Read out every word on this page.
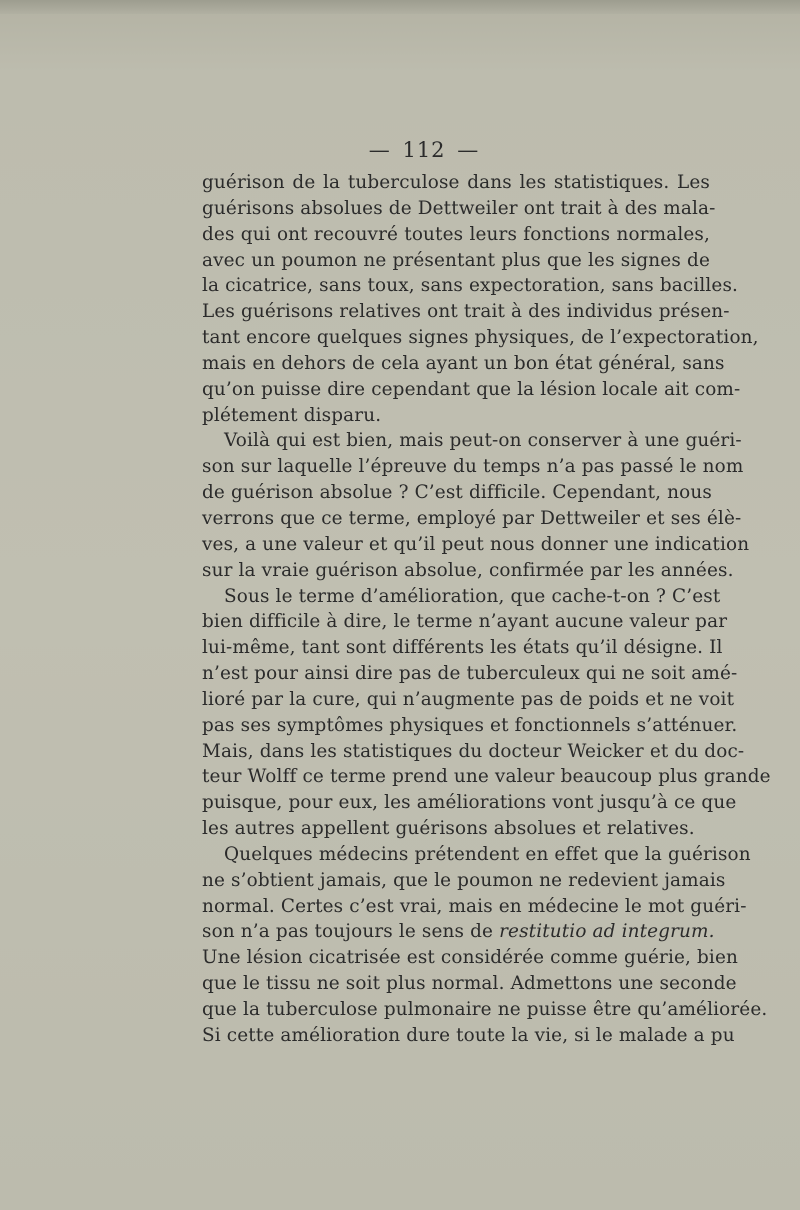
— 112 —
guérison de la tuberculose dans les statistiques. Les
guérisons absolues de Dettweiler ont trait à des mala-
des qui ont recouvré toutes leurs fonctions normales,
avec un poumon ne présentant plus que les signes de
la cicatrice, sans toux, sans expectoration, sans bacilles.
Les guérisons relatives ont trait à des individus présen-
tant encore quelques signes physiques, de l’expectoration,
mais en dehors de cela ayant un bon état général, sans
qu’on puisse dire cependant que la lésion locale ait com-
plétement disparu.
Voilà qui est bien, mais peut-on conserver à une guéri-
son sur laquelle l’épreuve du temps n’a pas passé le nom
de guérison absolue ? C’est difficile. Cependant, nous
verrons que ce terme, employé par Dettweiler et ses élè-
ves, a une valeur et qu’il peut nous donner une indication
sur la vraie guérison absolue, confirmée par les années.
Sous le terme d’amélioration, que cache-t-on ? C’est
bien difficile à dire, le terme n’ayant aucune valeur par
lui-même, tant sont différents les états qu’il désigne. Il
n’est pour ainsi dire pas de tuberculeux qui ne soit amé-
lioré par la cure, qui n’augmente pas de poids et ne voit
pas ses symptômes physiques et fonctionnels s’atténuer.
Mais, dans les statistiques du docteur Weicker et du doc-
teur Wolff ce terme prend une valeur beaucoup plus grande
puisque, pour eux, les améliorations vont jusqu’à ce que
les autres appellent guérisons absolues et relatives.
Quelques médecins prétendent en effet que la guérison
ne s’obtient jamais, que le poumon ne redevient jamais
normal. Certes c’est vrai, mais en médecine le mot guéri-
son n’a pas toujours le sens de restitutio ad integrum.
Une lésion cicatrisée est considérée comme guérie, bien
que le tissu ne soit plus normal. Admettons une seconde
que la tuberculose pulmonaire ne puisse être qu’améliorée.
Si cette amélioration dure toute la vie, si le malade a pu
